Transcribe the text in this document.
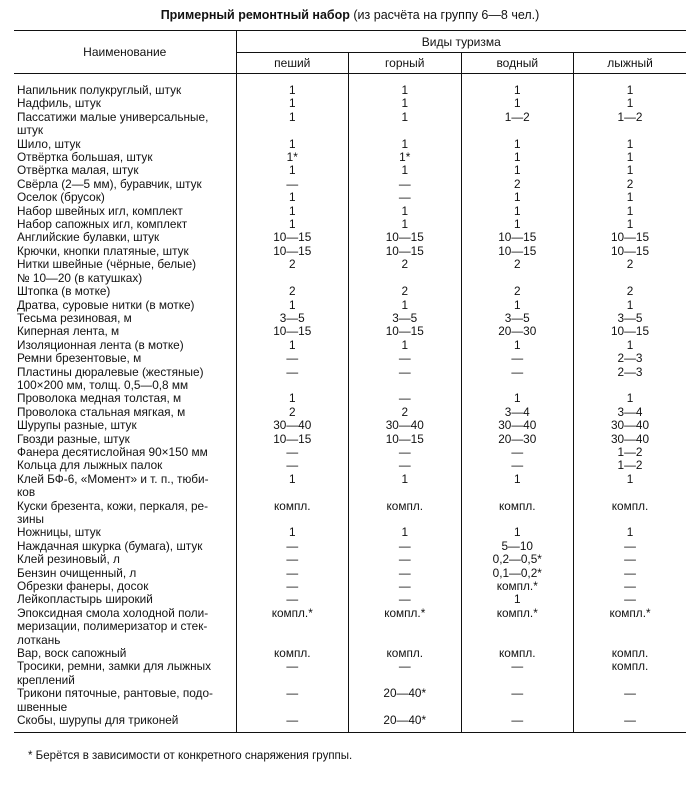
Примерный ремонтный набор (из расчёта на группу 6—8 чел.)
Наименование	Виды туризма			
	пеший	горный	водный	лыжный

Напильник полукруглый, штук	1	1	1	1

Надфиль, штук	1	1	1	1

Пассатижи малые универсальные,
штук	1	1	1—2	1—2

Шило, штук	1	1	1	1

Отвёртка большая, штук	1*	1*	1	1

Отвёртка малая, штук	1	1	1	1

Свёрла (2—5 мм), буравчик, штук	—	—	2	2

Оселок (брусок)	1	—	1	1

Набор швейных игл, комплект	1	1	1	1

Набор сапожных игл, комплект	1	1	1	1

Английские булавки, штук	10—15	10—15	10—15	10—15

Крючки, кнопки платяные, штук	10—15	10—15	10—15	10—15

Нитки швейные (чёрные, белые)
№ 10—20 (в катушках)	2	2	2	2

Штопка (в мотке)	2	2	2	2

Дратва, суровые нитки (в мотке)	1	1	1	1

Тесьма резиновая, м	3—5	3—5	3—5	3—5

Киперная лента, м	10—15	10—15	20—30	10—15

Изоляционная лента (в мотке)	1	1	1	1

Ремни брезентовые, м	—	—	—	2—3

Пластины дюралевые (жестяные)
100×200 мм, толщ. 0,5—0,8 мм	—	—	—	2—3

Проволока медная толстая, м	1	—	1	1

Проволока стальная мягкая, м	2	2	3—4	3—4

Шурупы разные, штук	30—40	30—40	30—40	30—40

Гвозди разные, штук	10—15	10—15	20—30	30—40

Фанера десятислойная 90×150 мм	—	—	—	1—2

Кольца для лыжных палок	—	—	—	1—2

Клей БФ-6, «Момент» и т. п., тюби-
ков	1	1	1	1

Куски брезента, кожи, перкаля, ре-
зины	компл.	компл.	компл.	компл.

Ножницы, штук	1	1	1	1

Наждачная шкурка (бумага), штук	—	—	5—10	—

Клей резиновый, л	—	—	0,2—0,5*	—

Бензин очищенный, л	—	—	0,1—0,2*	—

Обрезки фанеры, досок	—	—	компл.*	—

Лейкопластырь широкий	—	—	1	—

Эпоксидная смола холодной поли-
меризации, полимеризатор и стек-
лоткань	компл.*	компл.*	компл.*	компл.*

Вар, воск сапожный	компл.	компл.	компл.	компл.

Тросики, ремни, замки для лыжных
креплений	—	—	—	компл.

Трикони пяточные, рантовые, подо-
швенные	—	20—40*	—	—

Скобы, шурупы для триконей	—	20—40*	—	—
* Берётся в зависимости от конкретного снаряжения группы.
